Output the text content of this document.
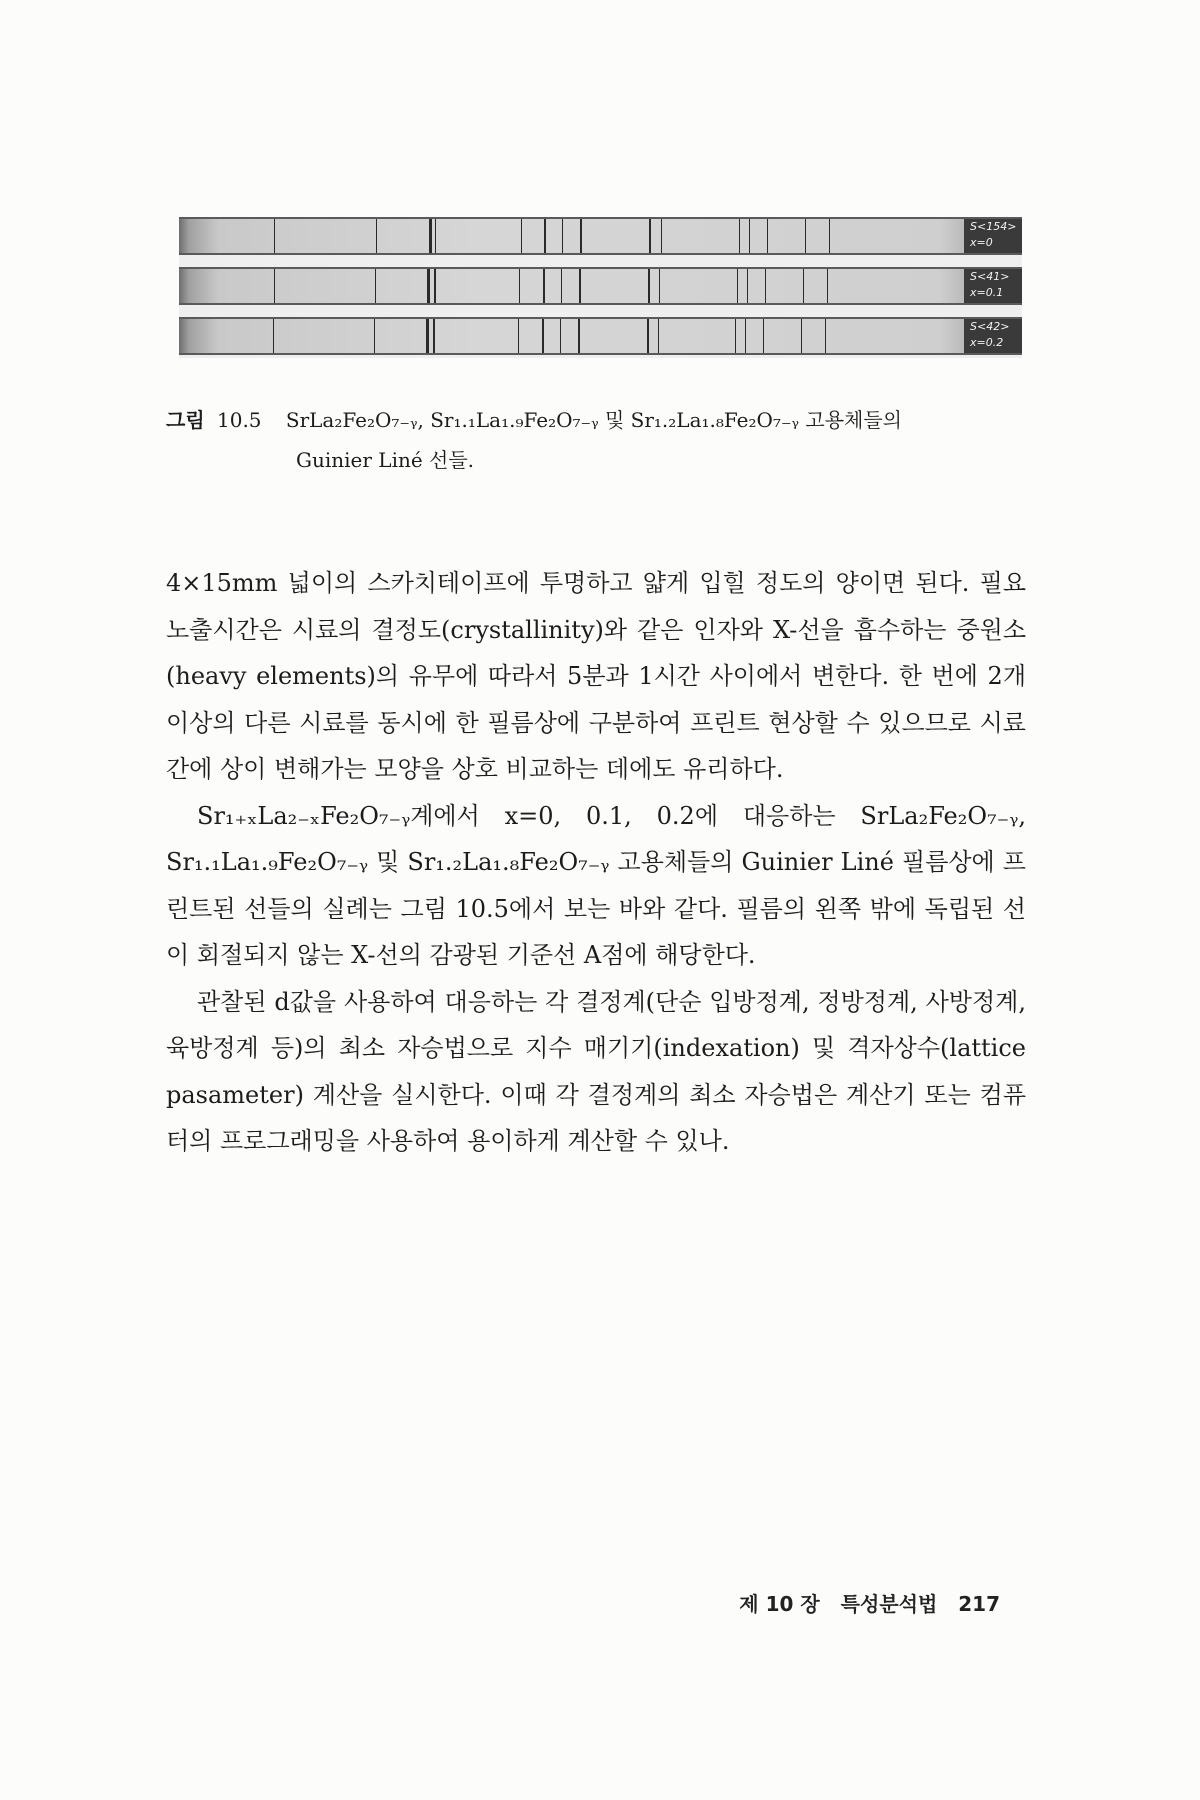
S<154>
x=0
S<41>
x=0.1
S<42>
x=0.2
그림 10.5 SrLa₂Fe₂O₇₋ᵧ, Sr₁.₁La₁.₉Fe₂O₇₋ᵧ 및 Sr₁.₂La₁.₈Fe₂O₇₋ᵧ 고용체들의
Guinier Liné 선들.

4×15mm 넓이의 스카치테이프에 투명하고 얇게 입힐 정도의 양이면 된다. 필요노출시간은 시료의 결정도(crystallinity)와 같은 인자와 X-선을 흡수하는 중원소(heavy elements)의 유무에 따라서 5분과 1시간 사이에서 변한다. 한 번에 2개 이상의 다른 시료를 동시에 한 필름상에 구분하여 프린트 현상할 수 있으므로 시료간에 상이 변해가는 모양을 상호 비교하는 데에도 유리하다.

Sr₁₊ₓLa₂₋ₓFe₂O₇₋ᵧ계에서 x=0, 0.1, 0.2에 대응하는 SrLa₂Fe₂O₇₋ᵧ, Sr₁.₁La₁.₉Fe₂O₇₋ᵧ 및 Sr₁.₂La₁.₈Fe₂O₇₋ᵧ 고용체들의 Guinier Liné 필름상에 프린트된 선들의 실례는 그림 10.5에서 보는 바와 같다. 필름의 왼쪽 밖에 독립된 선이 회절되지 않는 X-선의 감광된 기준선 A점에 해당한다.

관찰된 d값을 사용하여 대응하는 각 결정계(단순 입방정계, 정방정계, 사방정계, 육방정계 등)의 최소 자승법으로 지수 매기기(indexation) 및 격자상수(lattice pasameter) 계산을 실시한다. 이때 각 결정계의 최소 자승법은 계산기 또는 컴퓨터의 프로그래밍을 사용하여 용이하게 계산할 수 있나.

제 10 장 특성분석법 217
